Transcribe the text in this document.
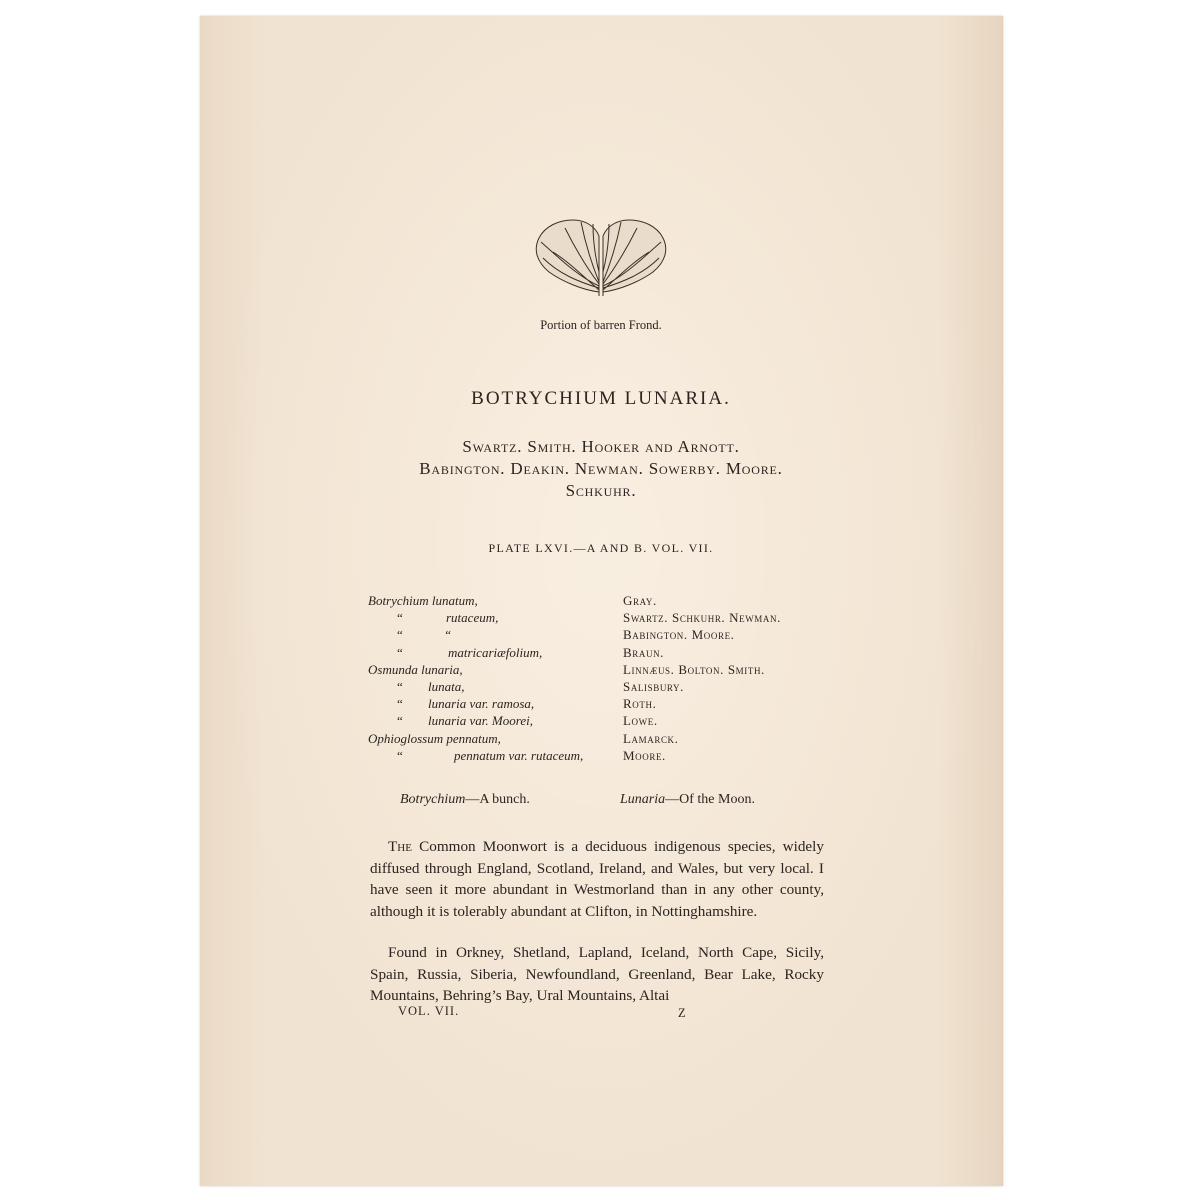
Portion of barren Frond.
BOTRYCHIUM LUNARIA.
Swartz. Smith. Hooker and Arnott.
Babington. Deakin. Newman. Sowerby. Moore.
Schkuhr.
PLATE LXVI.—A AND B. VOL. VII.
Botrychium lunatum,	Gray.
“	rutaceum,	Swartz. Schkuhr. Newman.
“	“	Babington. Moore.
“	matricariæfolium,	Braun.
Osmunda lunaria,	Linnæus. Bolton. Smith.
“ lunata,	Salisbury.
“ lunaria var. ramosa,	Roth.
“ lunaria var. Moorei,	Lowe.
Ophioglossum pennatum,	Lamarck.
“	pennatum var. rutaceum,	Moore.
Botrychium—A bunch.	Lunaria—Of the Moon.
The Common Moonwort is a deciduous indigenous species, widely diffused through England, Scotland, Ireland, and Wales, but very local. I have seen it more abundant in Westmorland than in any other county, although it is tolerably abundant at Clifton, in Nottinghamshire.
Found in Orkney, Shetland, Lapland, Iceland, North Cape, Sicily, Spain, Russia, Siberia, Newfoundland, Greenland, Bear Lake, Rocky Mountains, Behring’s Bay, Ural Mountains, Altai
VOL. VII.	Z
